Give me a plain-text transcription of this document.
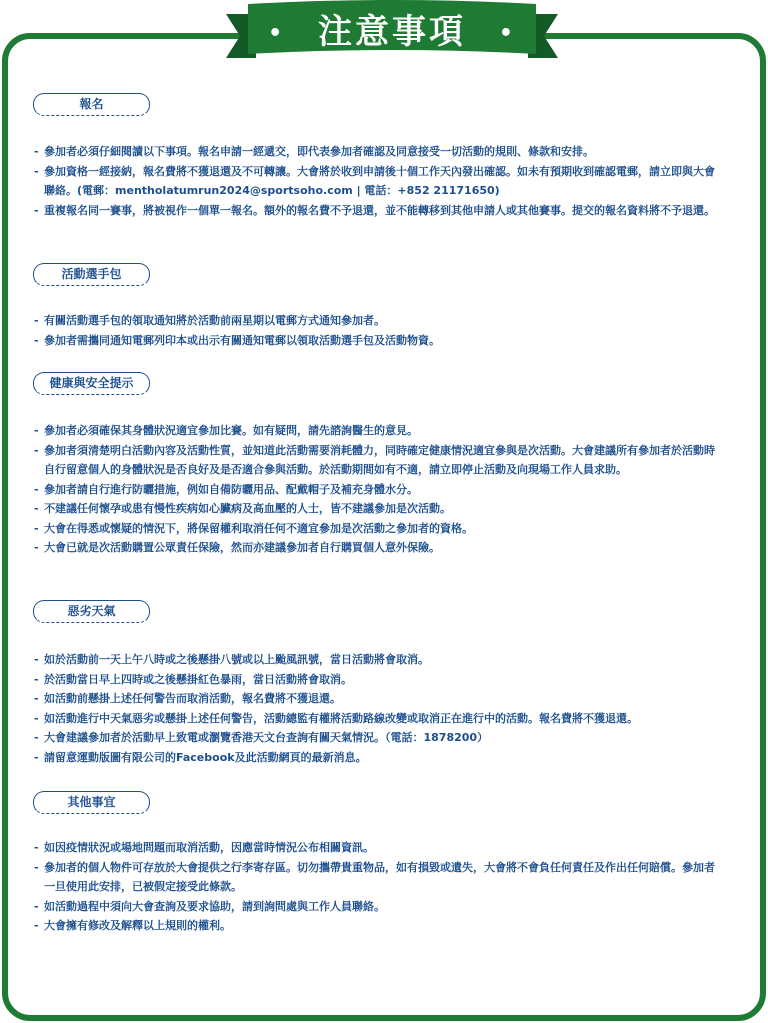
• 注意事項 •
報名
- 參加者必須仔細閱讀以下事項。報名申請一經遞交，即代表參加者確認及同意接受一切活動的規則、條款和安排。
- 參加資格一經接納，報名費將不獲退還及不可轉讓。大會將於收到申請後十個工作天內發出確認。如未有預期收到確認電郵，請立即與大會聯絡。(電郵：mentholatumrun2024@sportsoho.com | 電話：+852 21171650)
- 重複報名同一賽事，將被視作一個單一報名。額外的報名費不予退還，並不能轉移到其他申請人或其他賽事。提交的報名資料將不予退還。
活動選手包
- 有關活動選手包的領取通知將於活動前兩星期以電郵方式通知參加者。
- 參加者需攜同通知電郵列印本或出示有關通知電郵以領取活動選手包及活動物資。
健康與安全提示
- 參加者必須確保其身體狀況適宜參加比賽。如有疑問，請先諮詢醫生的意見。
- 參加者須清楚明白活動內容及活動性質，並知道此活動需要消耗體力，同時確定健康情況適宜參與是次活動。大會建議所有參加者於活動時自行留意個人的身體狀況是否良好及是否適合參與活動。於活動期間如有不適，請立即停止活動及向現場工作人員求助。
- 參加者請自行進行防曬措施，例如自備防曬用品、配戴帽子及補充身體水分。
- 不建議任何懷孕或患有慢性疾病如心臟病及高血壓的人士，皆不建議參加是次活動。
- 大會在得悉或懷疑的情況下，將保留權利取消任何不適宜參加是次活動之參加者的資格。
- 大會已就是次活動購置公眾責任保險，然而亦建議參加者自行購買個人意外保險。
惡劣天氣
- 如於活動前一天上午八時或之後懸掛八號或以上颱風訊號，當日活動將會取消。
- 於活動當日早上四時或之後懸掛紅色暴雨，當日活動將會取消。
- 如活動前懸掛上述任何警告而取消活動，報名費將不獲退還。
- 如活動進行中天氣惡劣或懸掛上述任何警告，活動總監有權將活動路線改變或取消正在進行中的活動。報名費將不獲退還。
- 大會建議參加者於活動早上致電或瀏覽香港天文台查詢有關天氣情況。（電話：1878200）
- 請留意運動版圖有限公司的Facebook及此活動網頁的最新消息。
其他事宜
- 如因疫情狀況或場地問題而取消活動，因應當時情況公布相關資訊。
- 參加者的個人物件可存放於大會提供之行李寄存區。切勿攜帶貴重物品，如有損毀或遺失，大會將不會負任何責任及作出任何賠償。參加者一旦使用此安排，已被假定接受此條款。
- 如活動過程中須向大會查詢及要求協助，請到詢問處與工作人員聯絡。
- 大會擁有修改及解釋以上規則的權利。
